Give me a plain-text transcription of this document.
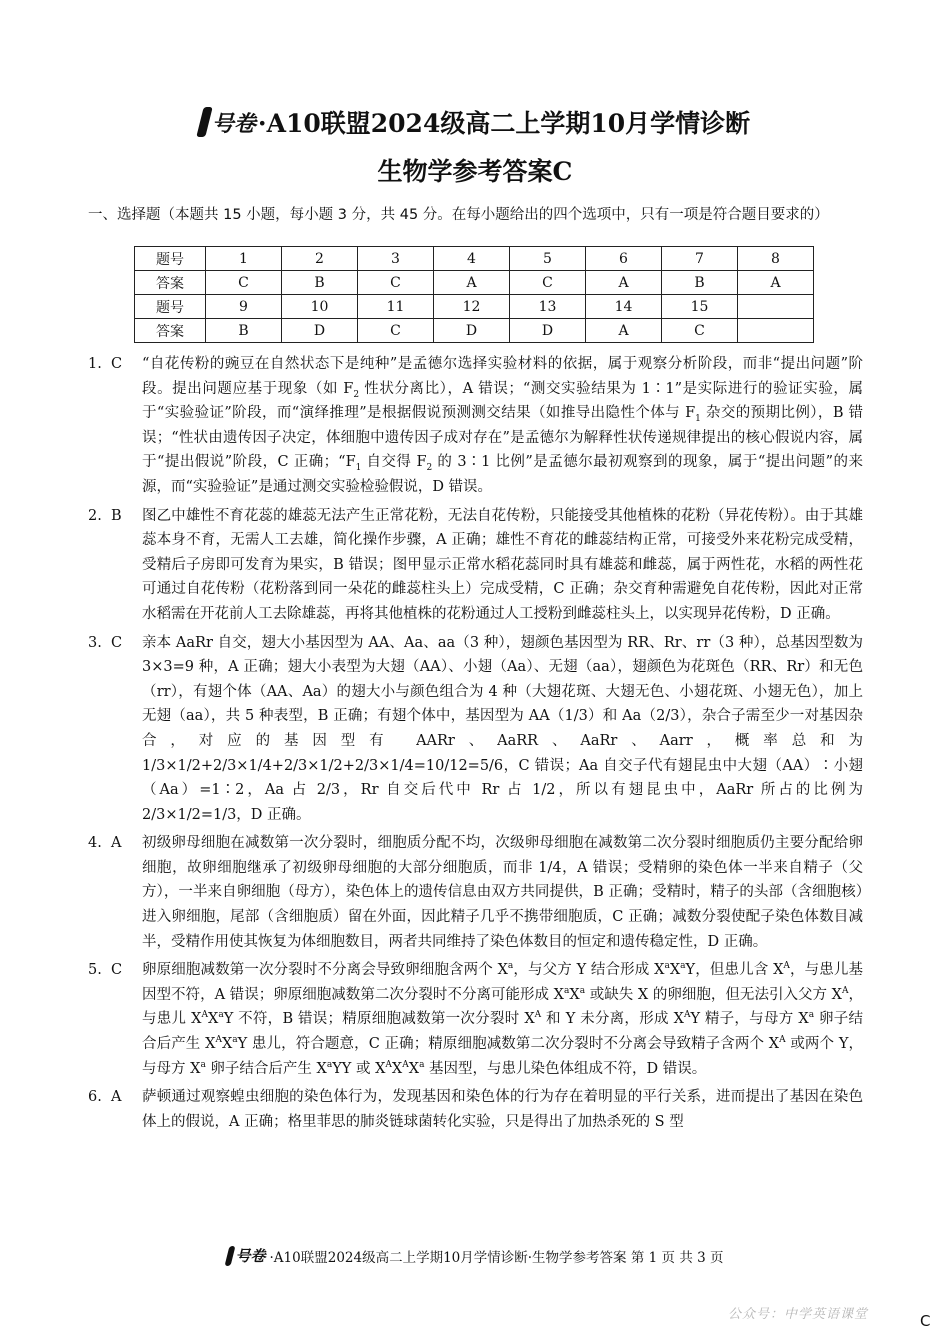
号卷 ·A10联盟2024级高二上学期10月学情诊断
生物学参考答案C
一、选择题（本题共 15 小题，每小题 3 分，共 45 分。在每小题给出的四个选项中，只有一项是符合题目要求的）
题号	1	2	3	4	5	6	7	8
答案	C	B	C	A	C	A	B	A
题号	9	10	11	12	13	14	15	
答案	B	D	C	D	D	A	C	
1.  C	“自花传粉的豌豆在自然状态下是纯种”是孟德尔选择实验材料的依据，属于观察分析阶段，而非“提出问题”阶段。提出问题应基于现象（如 $F_2$ 性状分离比），A 错误；“测交实验结果为 1∶1”是实际进行的验证实验，属于“实验验证”阶段，而“演绎推理”是根据假说预测测交结果（如推导出隐性个体与 $F_1$ 杂交的预期比例），B 错误；“性状由遗传因子决定，体细胞中遗传因子成对存在”是孟德尔为解释性状传递规律提出的核心假说内容，属于“提出假说”阶段，C 正确；“$F_1$ 自交得 $F_2$ 的 3∶1 比例”是孟德尔最初观察到的现象，属于“提出问题”的来源，而“实验验证”是通过测交实验检验假说，D 错误。
2.  B	图乙中雄性不育花蕊的雄蕊无法产生正常花粉，无法自花传粉，只能接受其他植株的花粉（异花传粉）。由于其雄蕊本身不育，无需人工去雄，简化操作步骤，A 正确；雄性不育花的雌蕊结构正常，可接受外来花粉完成受精，受精后子房即可发育为果实，B 错误；图甲显示正常水稻花蕊同时具有雄蕊和雌蕊，属于两性花，水稻的两性花可通过自花传粉（花粉落到同一朵花的雌蕊柱头上）完成受精，C 正确；杂交育种需避免自花传粉，因此对正常水稻需在开花前人工去除雄蕊，再将其他植株的花粉通过人工授粉到雌蕊柱头上，以实现异花传粉，D 正确。
3.  C	亲本 AaRr 自交，翅大小基因型为 AA、Aa、aa（3 种），翅颜色基因型为 RR、Rr、rr（3 种），总基因型数为 3×3=9 种，A 正确；翅大小表型为大翅（AA）、小翅（Aa）、无翅（aa），翅颜色为花斑色（RR、Rr）和无色（rr），有翅个体（AA、Aa）的翅大小与颜色组合为 4 种（大翅花斑、大翅无色、小翅花斑、小翅无色），加上无翅（aa），共 5 种表型，B 正确；有翅个体中，基因型为 AA（1/3）和 Aa（2/3），杂合子需至少一对基因杂合，对应的基因型有 AARr、AaRR、AaRr、Aarr，概率总和为 1/3×1/2+2/3×1/4+2/3×1/2+2/3×1/4=10/12=5/6，C 错误；Aa 自交子代有翅昆虫中大翅（AA）∶小翅（Aa）=1∶2，Aa 占 2/3，Rr 自交后代中 Rr 占 1/2，所以有翅昆虫中，AaRr 所占的比例为 2/3×1/2=1/3，D 正确。
4.  A	初级卵母细胞在减数第一次分裂时，细胞质分配不均，次级卵母细胞在减数第二次分裂时细胞质仍主要分配给卵细胞，故卵细胞继承了初级卵母细胞的大部分细胞质，而非 1/4，A 错误；受精卵的染色体一半来自精子（父方），一半来自卵细胞（母方），染色体上的遗传信息由双方共同提供，B 正确；受精时，精子的头部（含细胞核）进入卵细胞，尾部（含细胞质）留在外面，因此精子几乎不携带细胞质，C 正确；减数分裂使配子染色体数目减半，受精作用使其恢复为体细胞数目，两者共同维持了染色体数目的恒定和遗传稳定性，D 正确。
5.  C	卵原细胞减数第一次分裂时不分离会导致卵细胞含两个 $X^a$，与父方 Y 结合形成 $X^aX^aY$，但患儿含 $X^A$，与患儿基因型不符，A 错误；卵原细胞减数第二次分裂时不分离可能形成 $X^aX^a$ 或缺失 X 的卵细胞，但无法引入父方 $X^A$，与患儿 $X^AX^aY$ 不符，B 错误；精原细胞减数第一次分裂时 $X^A$ 和 Y 未分离，形成 $X^AY$ 精子，与母方 $X^a$ 卵子结合后产生 $X^AX^aY$ 患儿，符合题意，C 正确；精原细胞减数第二次分裂时不分离会导致精子含两个 $X^A$ 或两个 Y，与母方 $X^a$ 卵子结合后产生 $X^aYY$ 或 $X^AX^AX^a$ 基因型，与患儿染色体组成不符，D 错误。
6.  A	萨顿通过观察蝗虫细胞的染色体行为，发现基因和染色体的行为存在着明显的平行关系，进而提出了基因在染色体上的假说，A 正确；格里菲思的肺炎链球菌转化实验，只是得出了加热杀死的 S 型
号卷 ·A10联盟2024级高二上学期10月学情诊断·生物学参考答案 第 1 页 共 3 页
公众号：中学英语课堂	C
